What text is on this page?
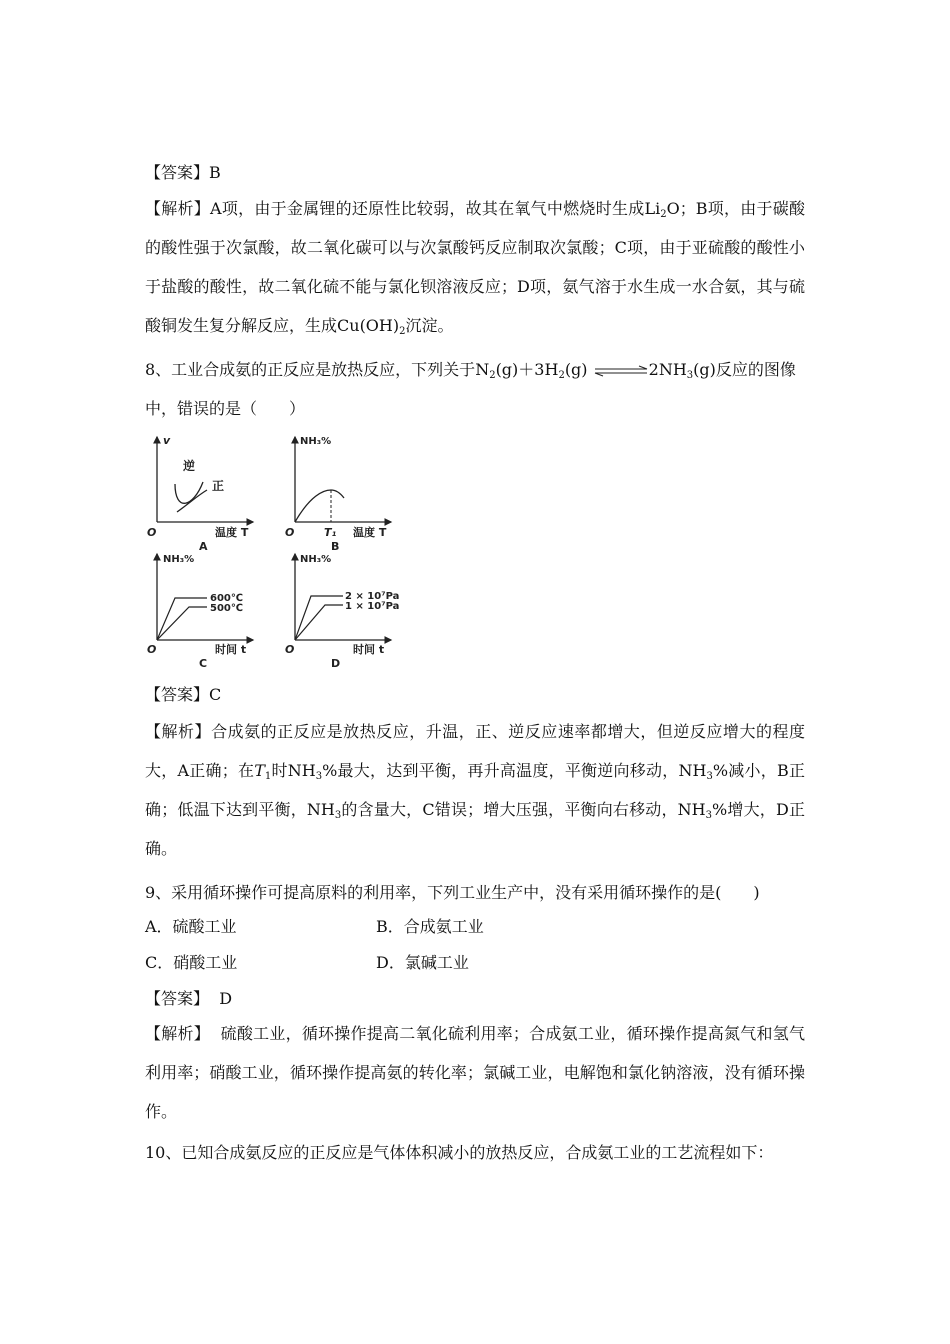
【答案】B
【解析】A项，由于金属锂的还原性比较弱，故其在氧气中燃烧时生成$Li_2O$；B项，由于碳酸的酸性强于次氯酸，故二氧化碳可以与次氯酸钙反应制取次氯酸；C项，由于亚硫酸的酸性小于盐酸的酸性，故二氧化硫不能与氯化钡溶液反应；D项，氨气溶于水生成一水合氨，其与硫酸铜发生复分解反应，生成$Cu(OH)_2$沉淀。
8、工业合成氨的正反应是放热反应，下列关于$N_2(g)+3H_2(g)$ $\rightleftharpoons 2NH_3(g)$反应的图像
中，错误的是（　　）
v
逆
正
O	温度 T
A
NH₃%
O	T₁ 温度 T
B
NH₃%
600℃
500℃
O	时间 t
C
NH₃%
2 × 10⁷Pa
1 × 10⁷Pa
O	时间 t
D
【答案】C
【解析】合成氨的正反应是放热反应，升温，正、逆反应速率都增大，但逆反应增大的程度大，A正确；在$T_1$时$NH_3\%$最大，达到平衡，再升高温度，平衡逆向移动，$NH_3\%$减小，B正确；低温下达到平衡，$NH_3$的含量大，C错误；增大压强，平衡向右移动，$NH_3\%$增大，D正确。
9、采用循环操作可提高原料的利用率，下列工业生产中，没有采用循环操作的是(　　)
A．硫酸工业	B．合成氨工业
C．硝酸工业	D．氯碱工业
【答案】 D
【解析】 硫酸工业，循环操作提高二氧化硫利用率；合成氨工业，循环操作提高氮气和氢气利用率；硝酸工业，循环操作提高氨的转化率；氯碱工业，电解饱和氯化钠溶液，没有循环操作。
10、已知合成氨反应的正反应是气体体积减小的放热反应，合成氨工业的工艺流程如下：
